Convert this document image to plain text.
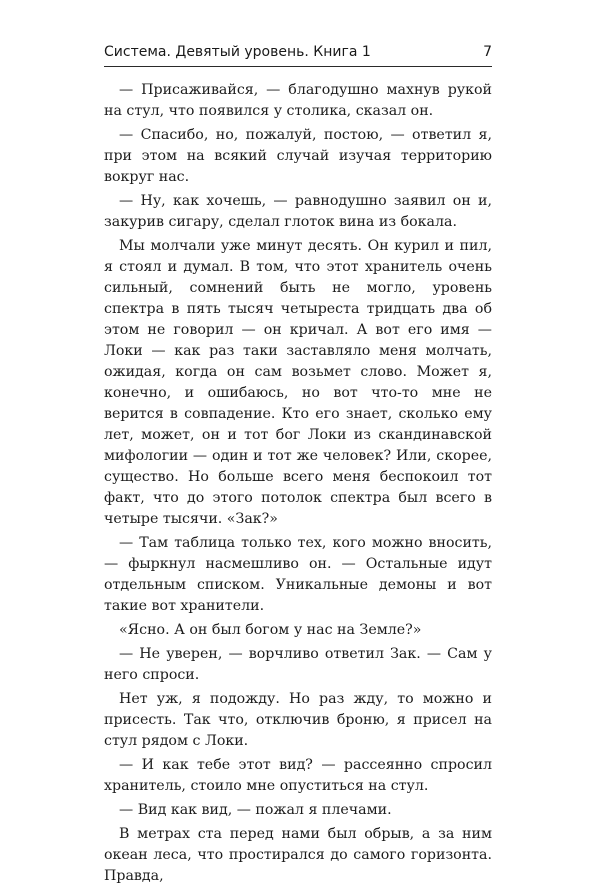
Система. Девятый уровень. Книга 1	7

— Присаживайся, — благодушно махнув рукой на стул, что появился у столика, сказал он.

— Спасибо, но, пожалуй, постою, — ответил я, при этом на всякий случай изучая территорию вокруг нас.

— Ну, как хочешь, — равнодушно заявил он и, закурив сигару, сделал глоток вина из бокала.

Мы молчали уже минут десять. Он курил и пил, я стоял и думал. В том, что этот хранитель очень сильный, сомнений быть не могло, уровень спектра в пять тысяч четыреста тридцать два об этом не говорил — он кричал. А вот его имя — Локи — как раз таки заставляло меня молчать, ожидая, когда он сам возьмет слово. Может я, конечно, и ошибаюсь, но вот что-то мне не верится в совпадение. Кто его знает, сколько ему лет, может, он и тот бог Локи из скандинавской мифологии — один и тот же человек? Или, скорее, существо. Но больше всего меня беспокоил тот факт, что до этого потолок спектра был всего в четыре тысячи. «Зак?»

— Там таблица только тех, кого можно вносить, — фыркнул насмешливо он. — Остальные идут отдельным списком. Уникальные демоны и вот такие вот хранители.

«Ясно. А он был богом у нас на Земле?»

— Не уверен, — ворчливо ответил Зак. — Сам у него спроси.

Нет уж, я подожду. Но раз жду, то можно и присесть. Так что, отключив броню, я присел на стул рядом с Локи.

— И как тебе этот вид? — рассеянно спросил хранитель, стоило мне опуститься на стул.

— Вид как вид, — пожал я плечами.

В метрах ста перед нами был обрыв, а за ним океан леса, что простирался до самого горизонта. Правда,
